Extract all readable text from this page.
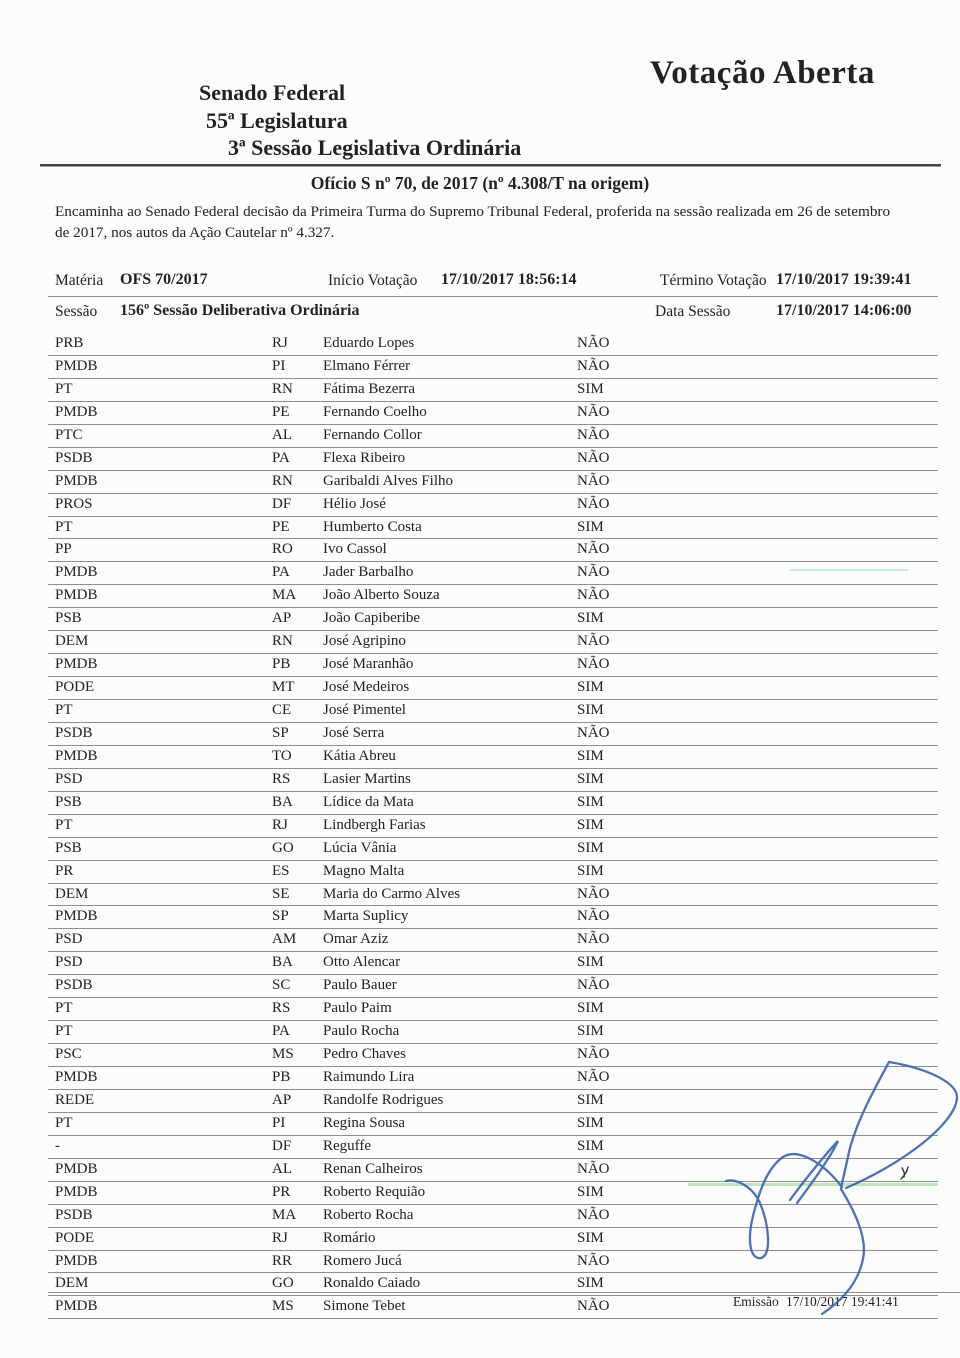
Votação Aberta
Senado Federal
55ª Legislatura
3ª Sessão Legislativa Ordinária
Ofício S nº 70, de 2017 (nº 4.308/T na origem)
Encaminha ao Senado Federal decisão da Primeira Turma do Supremo Tribunal Federal, proferida na sessão realizada em 26 de setembro de 2017, nos autos da Ação Cautelar nº 4.327.
Matéria OFS 70/2017	Início Votação 17/10/2017 18:56:14	Término Votação 17/10/2017 19:39:41
Sessão 156º Sessão Deliberativa Ordinária	Data Sessão	17/10/2017 14:06:00
PRB	RJ Eduardo Lopes	NÃO
PMDB	PI	Elmano Férrer	NÃO
PT	RN Fátima Bezerra	SIM
PMDB	PE Fernando Coelho	NÃO
PTC	AL Fernando Collor	NÃO
PSDB	PA Flexa Ribeiro	NÃO
PMDB	RN Garibaldi Alves Filho	NÃO
PROS	DF Hélio José	NÃO
PT	PE Humberto Costa	SIM
PP	RO Ivo Cassol	NÃO
PMDB	PA Jader Barbalho	NÃO
PMDB	MA João Alberto Souza	NÃO
PSB	AP João Capiberibe	SIM
DEM	RN José Agripino	NÃO
PMDB	PB José Maranhão	NÃO
PODE	MT José Medeiros	SIM
PT	CE José Pimentel	SIM
PSDB	SP José Serra	NÃO
PMDB	TO Kátia Abreu	SIM
PSD	RS Lasier Martins	SIM
PSB	BA Lídice da Mata	SIM
PT	RJ Lindbergh Farias	SIM
PSB	GO Lúcia Vânia	SIM
PR	ES Magno Malta	SIM
DEM	SE Maria do Carmo Alves	NÃO
PMDB	SP Marta Suplicy	NÃO
PSD	AM Omar Aziz	NÃO
PSD	BA Otto Alencar	SIM
PSDB	SC Paulo Bauer	NÃO
PT	RS Paulo Paim	SIM
PT	PA Paulo Rocha	SIM
PSC	MS Pedro Chaves	NÃO
PMDB	PB Raimundo Lira	NÃO
REDE	AP Randolfe Rodrigues	SIM
PT	PI	Regina Sousa	SIM
-	DF Reguffe	SIM
PMDB	AL Renan Calheiros	NÃO
PMDB	PR Roberto Requião	SIM
PSDB	MA Roberto Rocha	NÃO
PODE	RJ Romário	SIM
PMDB	RR Romero Jucá	NÃO
DEM	GO Ronaldo Caiado	SIM
PMDB	MS Simone Tebet	NÃO	Emissão 17/10/2017 19:41:41
